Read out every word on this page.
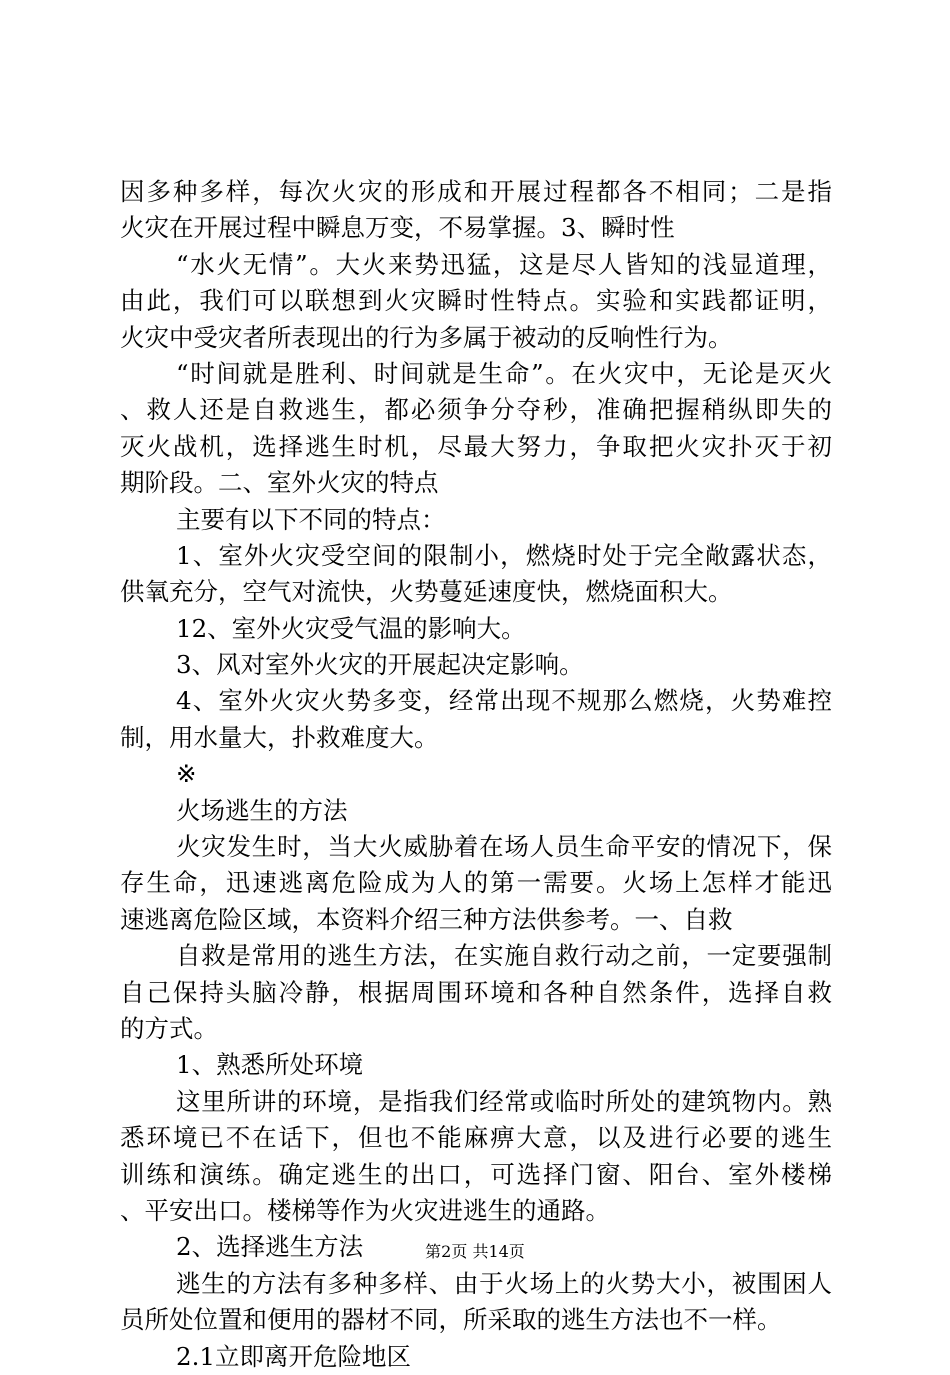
因多种多样，每次火灾的形成和开展过程都各不相同；二是指
火灾在开展过程中瞬息万变，不易掌握。3、瞬时性
“水火无情”。大火来势迅猛，这是尽人皆知的浅显道理，
由此，我们可以联想到火灾瞬时性特点。实验和实践都证明，
火灾中受灾者所表现出的行为多属于被动的反响性行为。
“时间就是胜利、时间就是生命”。在火灾中，无论是灭火
、救人还是自救逃生，都必须争分夺秒，准确把握稍纵即失的
灭火战机，选择逃生时机，尽最大努力，争取把火灾扑灭于初
期阶段。二、室外火灾的特点
主要有以下不同的特点：
1、室外火灾受空间的限制小，燃烧时处于完全敞露状态，
供氧充分，空气对流快，火势蔓延速度快，燃烧面积大。
12、室外火灾受气温的影响大。
3、风对室外火灾的开展起决定影响。
4、室外火灾火势多变，经常出现不规那么燃烧，火势难控
制，用水量大，扑救难度大。
※
火场逃生的方法
火灾发生时，当大火威胁着在场人员生命平安的情况下，保
存生命，迅速逃离危险成为人的第一需要。火场上怎样才能迅
速逃离危险区域，本资料介绍三种方法供参考。一、自救
自救是常用的逃生方法，在实施自救行动之前，一定要强制
自己保持头脑冷静，根据周围环境和各种自然条件，选择自救
的方式。
1、熟悉所处环境
这里所讲的环境，是指我们经常或临时所处的建筑物内。熟
悉环境已不在话下，但也不能麻痹大意，以及进行必要的逃生
训练和演练。确定逃生的出口，可选择门窗、阳台、室外楼梯
、平安出口。楼梯等作为火灾进逃生的通路。
2、选择逃生方法
逃生的方法有多种多样、由于火场上的火势大小，被围困人
员所处位置和便用的器材不同，所采取的逃生方法也不一样。
2.1立即离开危险地区
第2页 共14页
